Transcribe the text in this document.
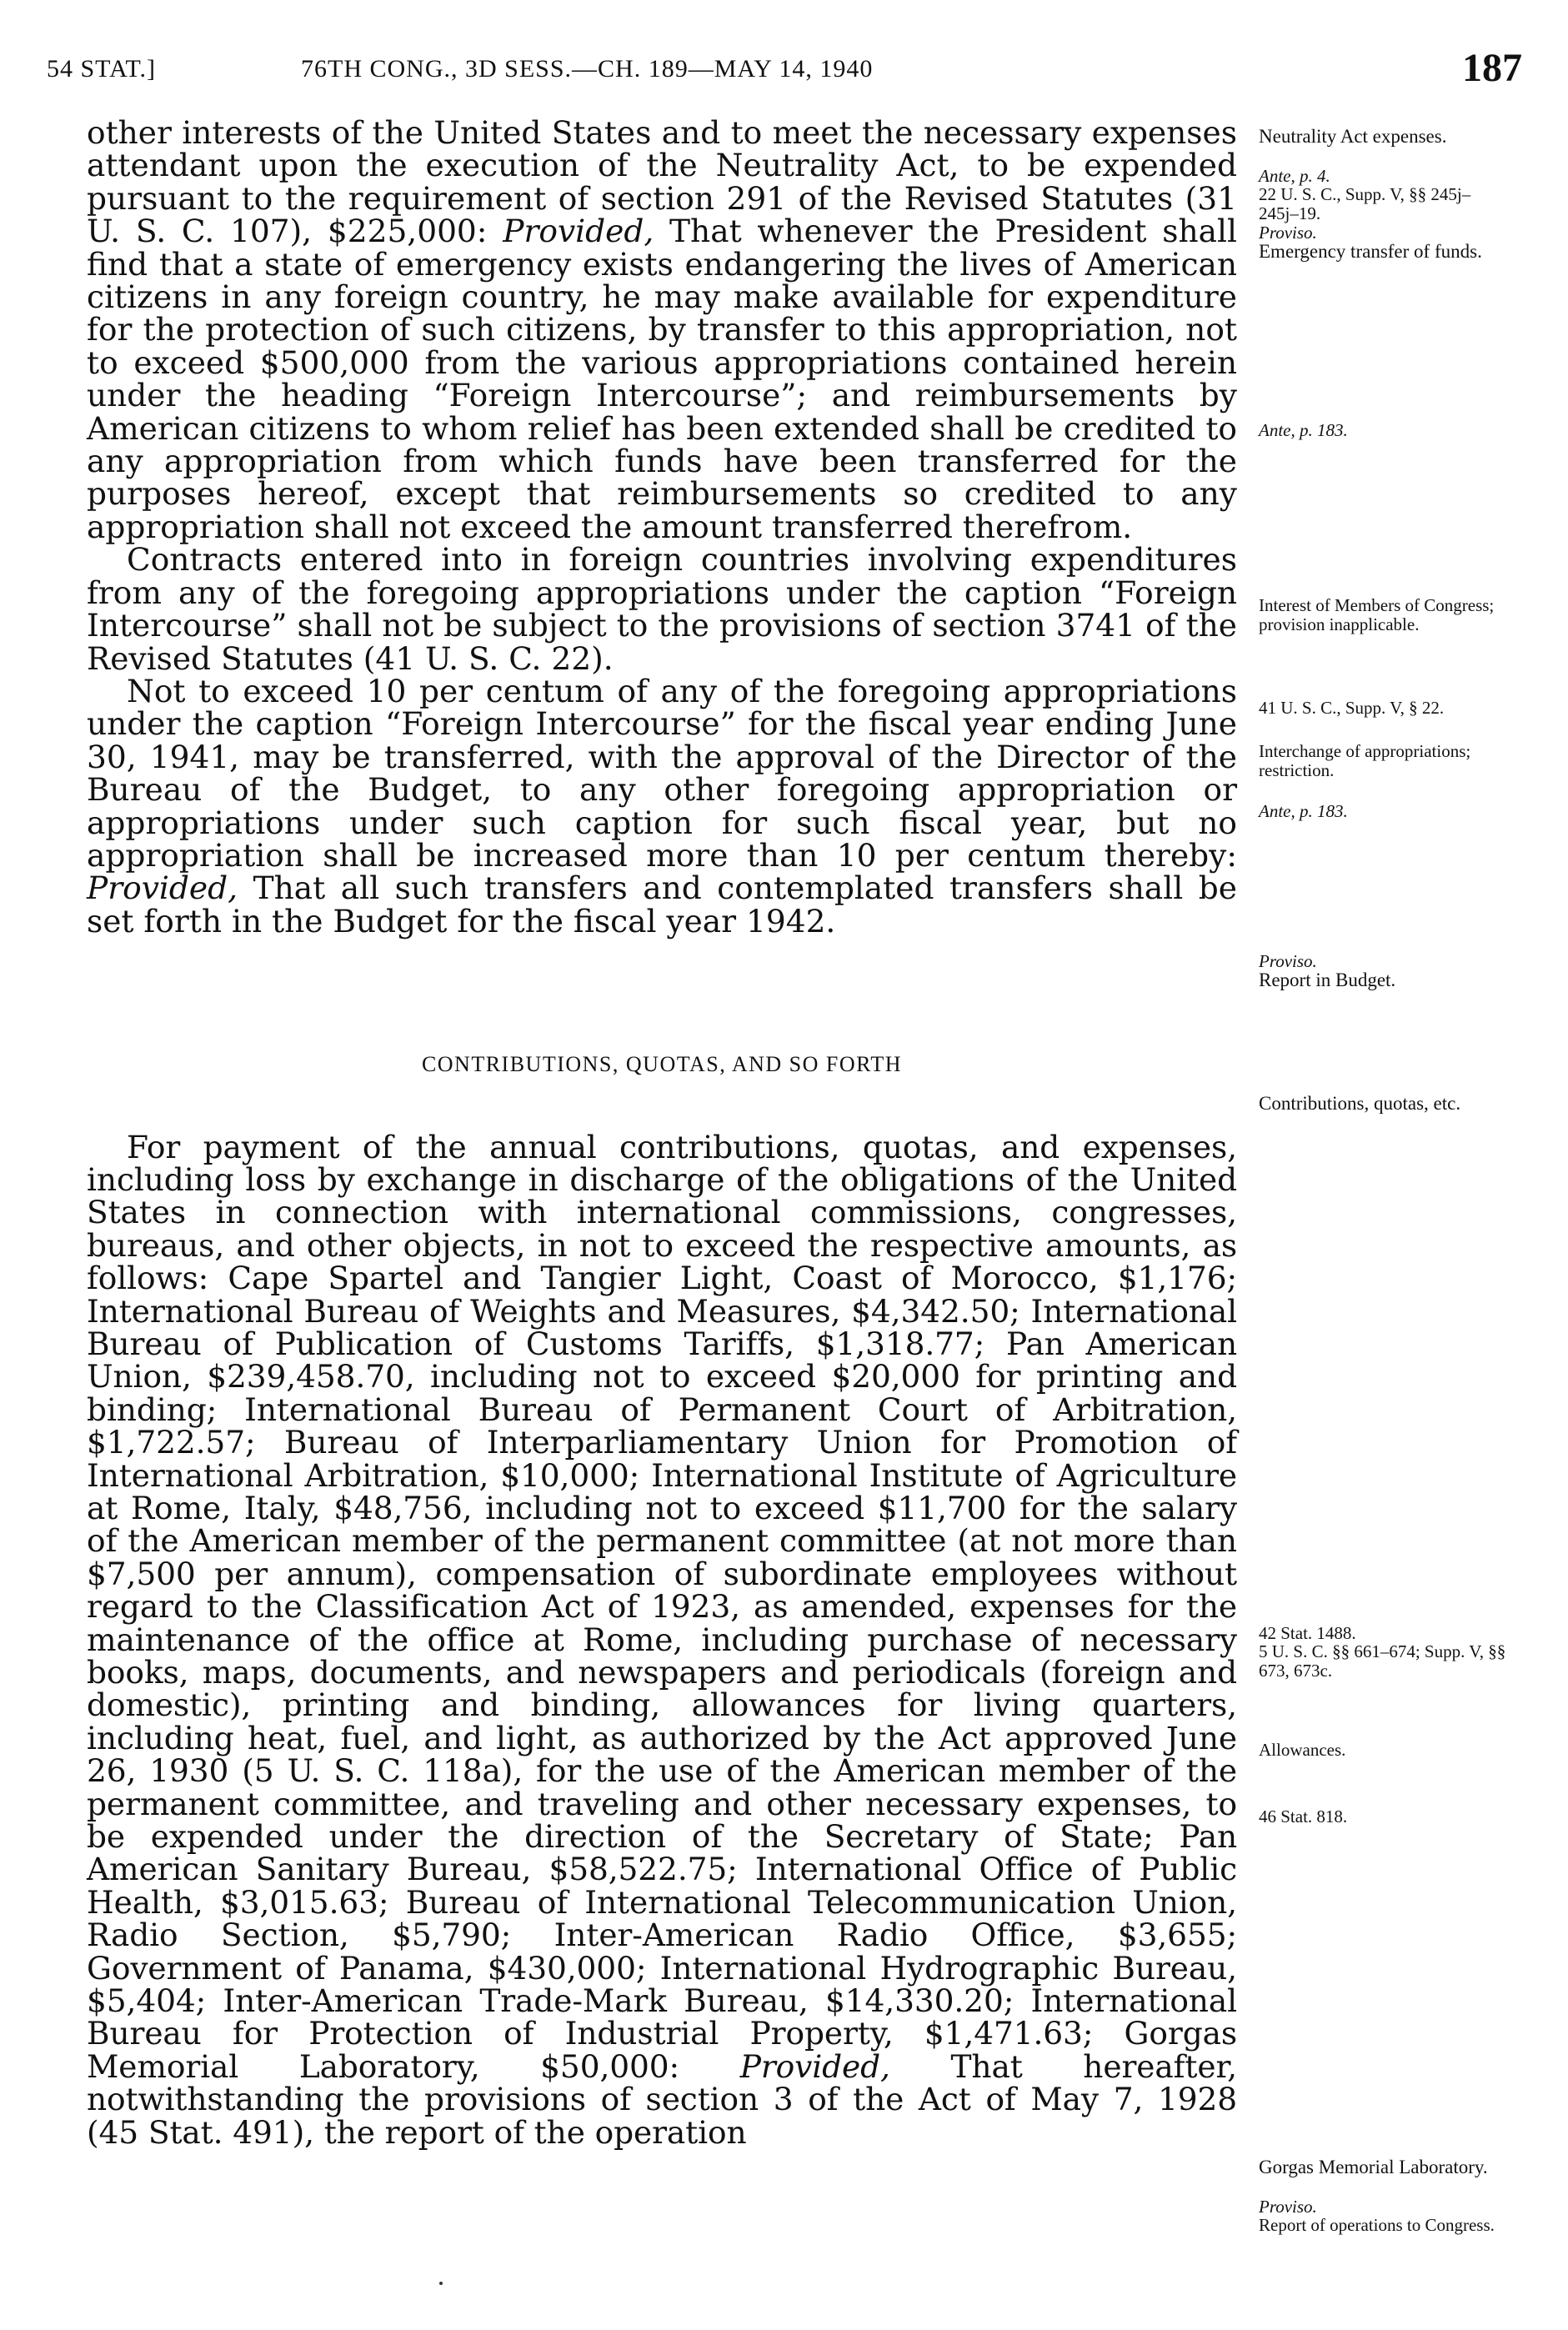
54 STAT.]	76TH CONG., 3D SESS.—CH. 189—MAY 14, 1940	187

other interests of the United States and to meet the necessary expenses attendant upon the execution of the Neutrality Act, to be expended pursuant to the requirement of section 291 of the Revised Statutes (31 U. S. C. 107), $225,000: Provided, That whenever the President shall find that a state of emergency exists endangering the lives of American citizens in any foreign country, he may make available for expenditure for the protection of such citizens, by transfer to this appropriation, not to exceed $500,000 from the various appropriations contained herein under the heading “Foreign Intercourse”; and reimbursements by American citizens to whom relief has been extended shall be credited to any appropriation from which funds have been transferred for the purposes hereof, except that reimbursements so credited to any appropriation shall not exceed the amount transferred therefrom.

Contracts entered into in foreign countries involving expenditures from any of the foregoing appropriations under the caption “Foreign Intercourse” shall not be subject to the provisions of section 3741 of the Revised Statutes (41 U. S. C. 22).

Not to exceed 10 per centum of any of the foregoing appropriations under the caption “Foreign Intercourse” for the fiscal year ending June 30, 1941, may be transferred, with the approval of the Director of the Bureau of the Budget, to any other foregoing appropriation or appropriations under such caption for such fiscal year, but no appropriation shall be increased more than 10 per centum thereby: Provided, That all such transfers and contemplated transfers shall be set forth in the Budget for the fiscal year 1942.

CONTRIBUTIONS, QUOTAS, AND SO FORTH

For payment of the annual contributions, quotas, and expenses, including loss by exchange in discharge of the obligations of the United States in connection with international commissions, congresses, bureaus, and other objects, in not to exceed the respective amounts, as follows: Cape Spartel and Tangier Light, Coast of Morocco, $1,176; International Bureau of Weights and Measures, $4,342.50; International Bureau of Publication of Customs Tariffs, $1,318.77; Pan American Union, $239,458.70, including not to exceed $20,000 for printing and binding; International Bureau of Permanent Court of Arbitration, $1,722.57; Bureau of Interparliamentary Union for Promotion of International Arbitration, $10,000; International Institute of Agriculture at Rome, Italy, $48,756, including not to exceed $11,700 for the salary of the American member of the permanent committee (at not more than $7,500 per annum), compensation of subordinate employees without regard to the Classification Act of 1923, as amended, expenses for the maintenance of the office at Rome, including purchase of necessary books, maps, documents, and newspapers and periodicals (foreign and domestic), printing and binding, allowances for living quarters, including heat, fuel, and light, as authorized by the Act approved June 26, 1930 (5 U. S. C. 118a), for the use of the American member of the permanent committee, and traveling and other necessary expenses, to be expended under the direction of the Secretary of State; Pan American Sanitary Bureau, $58,522.75; International Office of Public Health, $3,015.63; Bureau of International Telecommunication Union, Radio Section, $5,790; Inter-American Radio Office, $3,655; Government of Panama, $430,000; International Hydrographic Bureau, $5,404; Inter-American Trade-Mark Bureau, $14,330.20; International Bureau for Protection of Industrial Property, $1,471.63; Gorgas Memorial Laboratory, $50,000: Provided, That hereafter, notwithstanding the provisions of section 3 of the Act of May 7, 1928 (45 Stat. 491), the report of the operation

Neutrality Act expenses.
Ante, p. 4.
22 U. S. C., Supp. V, §§ 245j–245j–19.
Proviso.
Emergency transfer of funds.
Ante, p. 183.
Interest of Members of Congress; provision inapplicable.
41 U. S. C., Supp. V, § 22.
Interchange of appropriations; restriction.
Ante, p. 183.
Proviso.
Report in Budget.
Contributions, quotas, etc.
42 Stat. 1488.
5 U. S. C. §§ 661–674; Supp. V, §§ 673, 673c.
Allowances.
46 Stat. 818.
Gorgas Memorial Laboratory.
Proviso.
Report of operations to Congress.
